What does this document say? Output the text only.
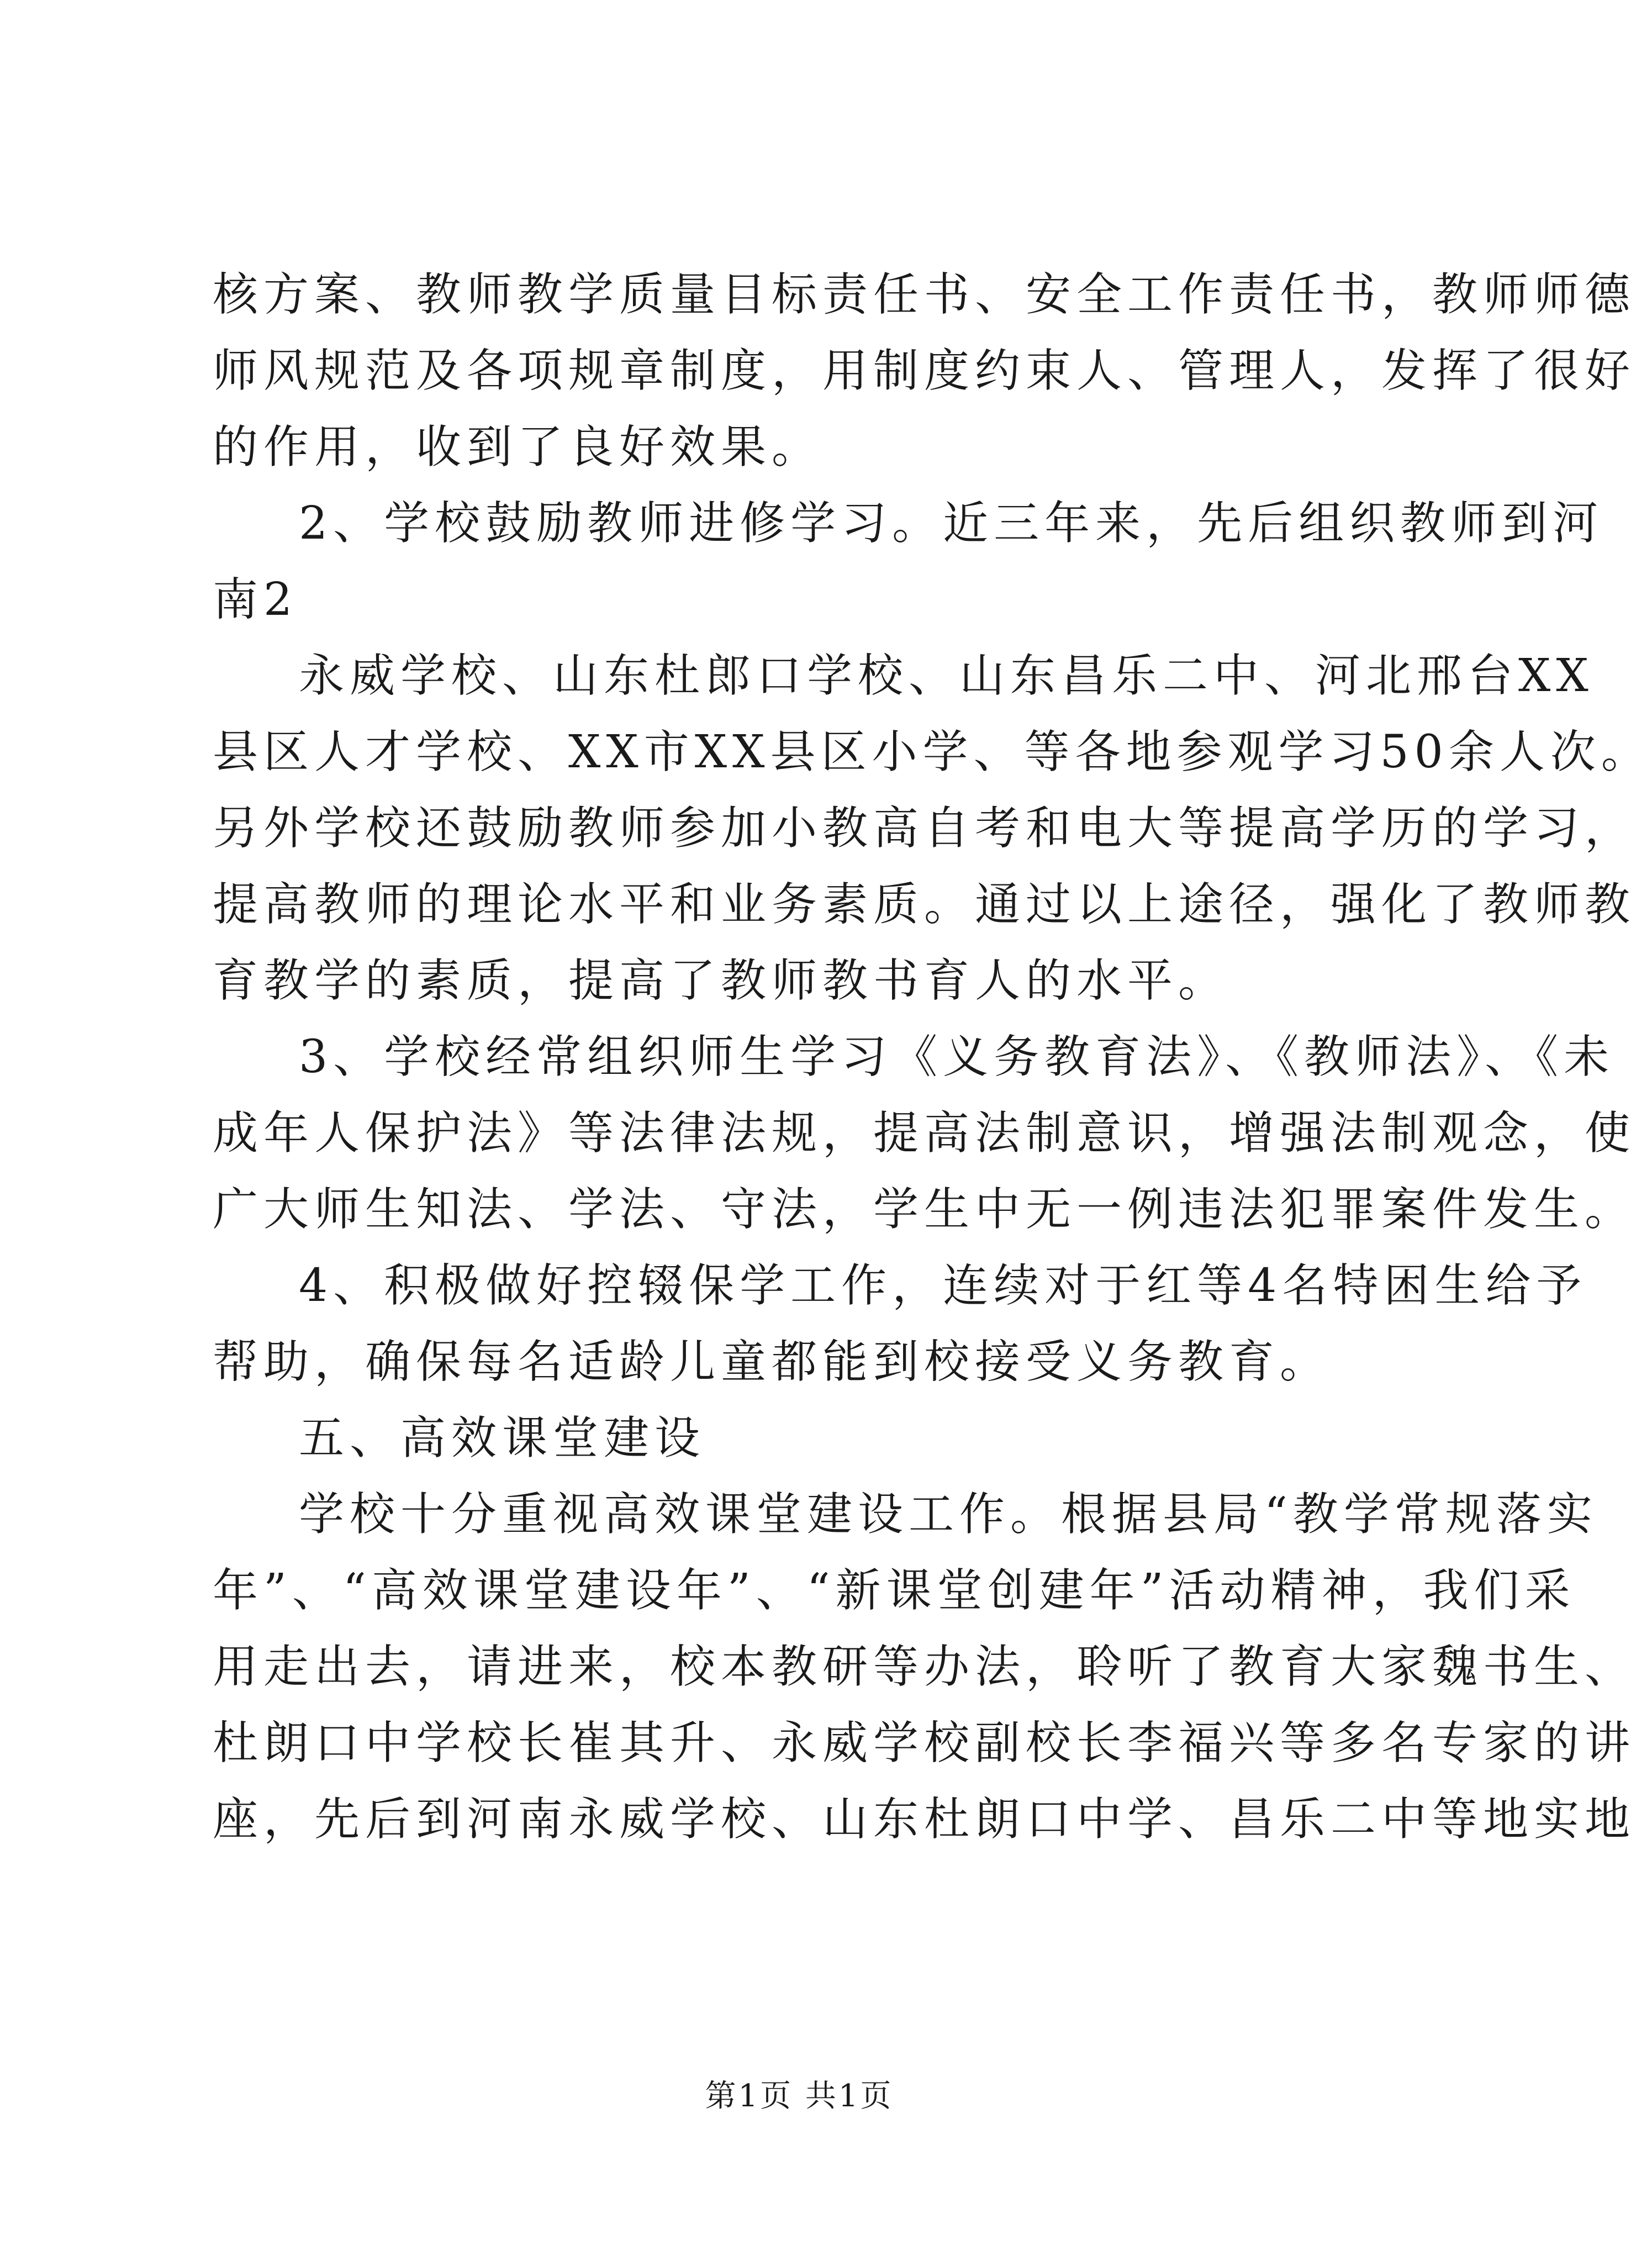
核方案、教师教学质量目标责任书、安全工作责任书，教师师德
师风规范及各项规章制度，用制度约束人、管理人，发挥了很好
的作用，收到了良好效果。
2、学校鼓励教师进修学习。近三年来，先后组织教师到河
南2
永威学校、山东杜郎口学校、山东昌乐二中、河北邢台XX
县区人才学校、XX市XX县区小学、等各地参观学习50余人次。
另外学校还鼓励教师参加小教高自考和电大等提高学历的学习，
提高教师的理论水平和业务素质。通过以上途径，强化了教师教
育教学的素质，提高了教师教书育人的水平。
3、学校经常组织师生学习《义务教育法》、《教师法》、《未
成年人保护法》等法律法规，提高法制意识，增强法制观念，使
广大师生知法、学法、守法，学生中无一例违法犯罪案件发生。
4、积极做好控辍保学工作，连续对于红等4名特困生给予
帮助，确保每名适龄儿童都能到校接受义务教育。
五、高效课堂建设
学校十分重视高效课堂建设工作。根据县局“教学常规落实
年”、“高效课堂建设年”、“新课堂创建年”活动精神，我们采
用走出去，请进来，校本教研等办法，聆听了教育大家魏书生、
杜朗口中学校长崔其升、永威学校副校长李福兴等多名专家的讲
座，先后到河南永威学校、山东杜朗口中学、昌乐二中等地实地
第1页 共1页
